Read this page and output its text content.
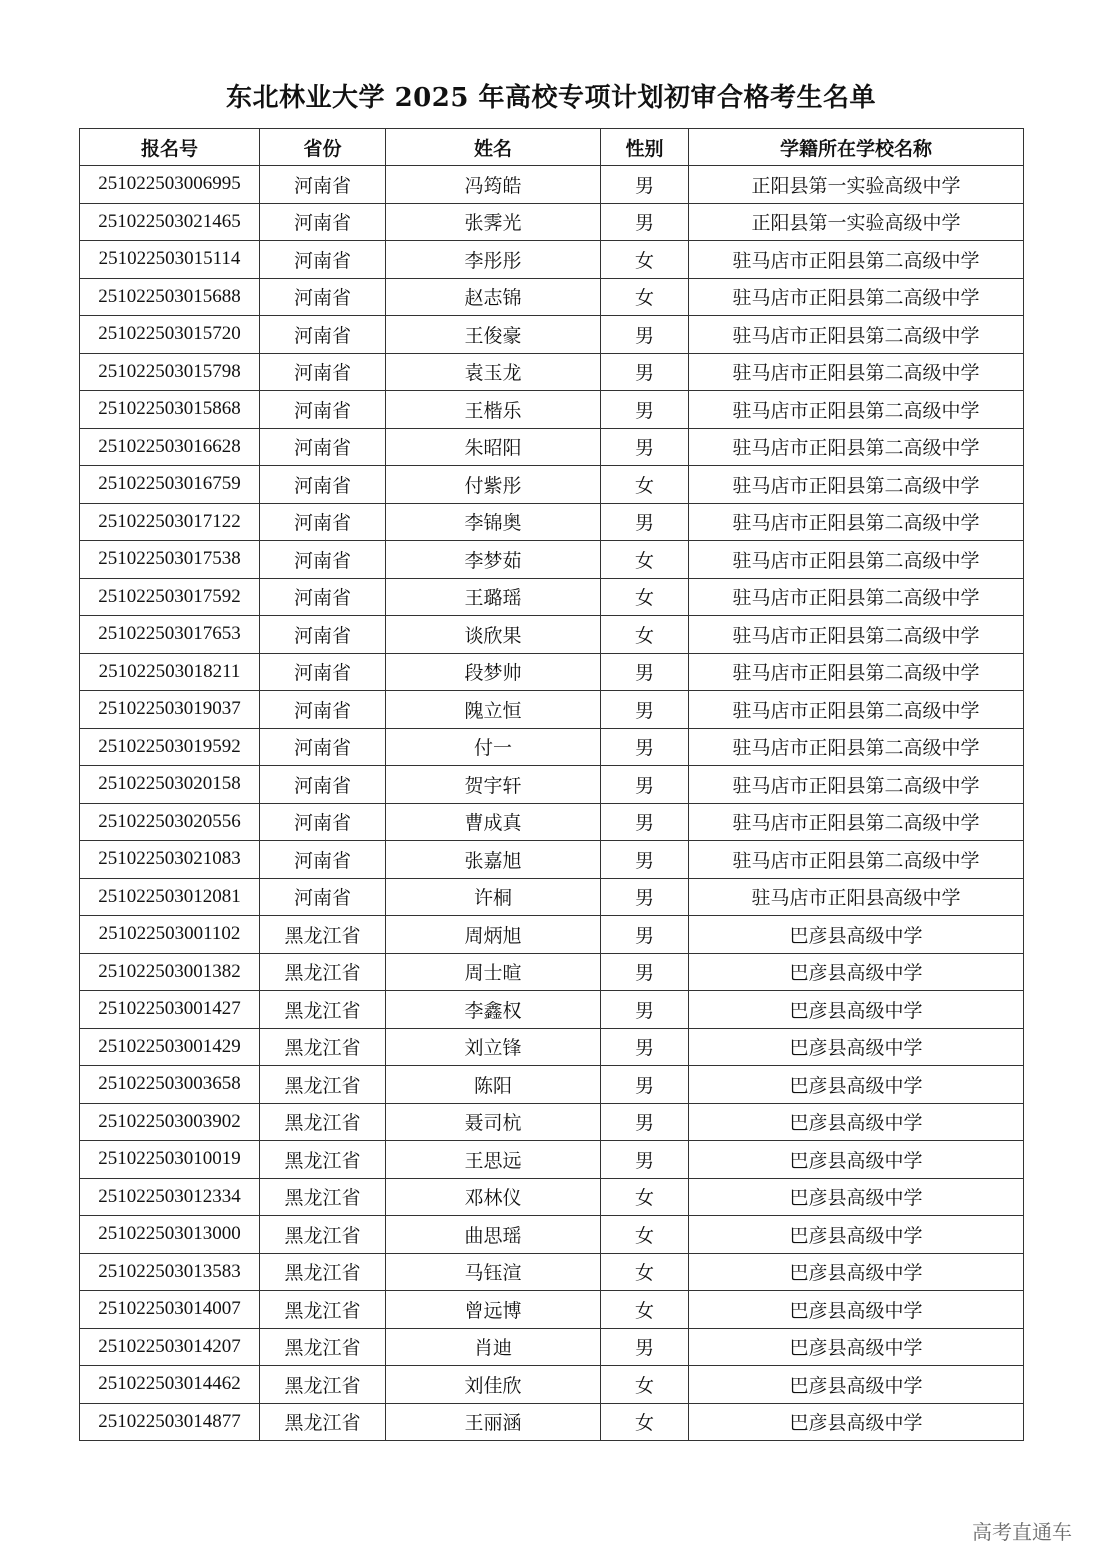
东北林业大学 2025 年高校专项计划初审合格考生名单
报名号	省份	姓名	性别	学籍所在学校名称
251022503006995	河南省	冯筠皓	男	正阳县第一实验高级中学
251022503021465	河南省	张霁光	男	正阳县第一实验高级中学
251022503015114	河南省	李彤彤	女	驻马店市正阳县第二高级中学
251022503015688	河南省	赵志锦	女	驻马店市正阳县第二高级中学
251022503015720	河南省	王俊豪	男	驻马店市正阳县第二高级中学
251022503015798	河南省	袁玉龙	男	驻马店市正阳县第二高级中学
251022503015868	河南省	王楷乐	男	驻马店市正阳县第二高级中学
251022503016628	河南省	朱昭阳	男	驻马店市正阳县第二高级中学
251022503016759	河南省	付紫彤	女	驻马店市正阳县第二高级中学
251022503017122	河南省	李锦奥	男	驻马店市正阳县第二高级中学
251022503017538	河南省	李梦茹	女	驻马店市正阳县第二高级中学
251022503017592	河南省	王璐瑶	女	驻马店市正阳县第二高级中学
251022503017653	河南省	谈欣果	女	驻马店市正阳县第二高级中学
251022503018211	河南省	段梦帅	男	驻马店市正阳县第二高级中学
251022503019037	河南省	隗立恒	男	驻马店市正阳县第二高级中学
251022503019592	河南省	付一	男	驻马店市正阳县第二高级中学
251022503020158	河南省	贺宇轩	男	驻马店市正阳县第二高级中学
251022503020556	河南省	曹成真	男	驻马店市正阳县第二高级中学
251022503021083	河南省	张嘉旭	男	驻马店市正阳县第二高级中学
251022503012081	河南省	许桐	男	驻马店市正阳县高级中学
251022503001102	黑龙江省	周炳旭	男	巴彦县高级中学
251022503001382	黑龙江省	周士暄	男	巴彦县高级中学
251022503001427	黑龙江省	李鑫权	男	巴彦县高级中学
251022503001429	黑龙江省	刘立锋	男	巴彦县高级中学
251022503003658	黑龙江省	陈阳	男	巴彦县高级中学
251022503003902	黑龙江省	聂司杭	男	巴彦县高级中学
251022503010019	黑龙江省	王思远	男	巴彦县高级中学
251022503012334	黑龙江省	邓林仪	女	巴彦县高级中学
251022503013000	黑龙江省	曲思瑶	女	巴彦县高级中学
251022503013583	黑龙江省	马钰渲	女	巴彦县高级中学
251022503014007	黑龙江省	曾远博	女	巴彦县高级中学
251022503014207	黑龙江省	肖迪	男	巴彦县高级中学
251022503014462	黑龙江省	刘佳欣	女	巴彦县高级中学
251022503014877	黑龙江省	王丽涵	女	巴彦县高级中学
高考直通车
